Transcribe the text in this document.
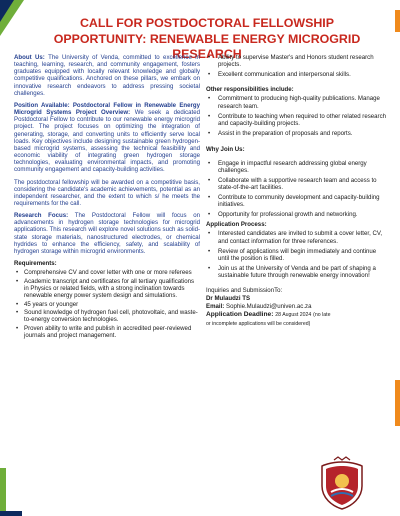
CALL FOR POSTDOCTORAL FELLOWSHIP
OPPORTUNITY: RENEWABLE ENERGY MICROGRID RESEARCH

About Us: The University of Venda, committed to excellence in teaching, learning, research, and community engagement, fosters graduates equipped with locally relevant knowledge and globally competitive qualifications. Anchored on these pillars, we embark on innovative research endeavors to address pressing societal challenges.

Position Available: Postdoctoral Fellow in Renewable Energy Microgrid Systems Project Overview: We seek a dedicated Postdoctoral Fellow to contribute to our renewable energy microgrid project. The project focuses on optimizing the integration of generating, storage, and converting units to efficiently serve local loads. Key objectives include designing sustainable green hydrogen-based microgrid systems, assessing the technical feasibility and economic viability of integrating green hydrogen storage technologies, evaluating environmental impacts, and promoting community engagement and capacity-building activities.

The postdoctoral fellowship will be awarded on a competitive basis, considering the candidate's academic achievements, potential as an independent researcher, and the extent to which s/ he meets the requirements for the call.

Research Focus: The Postdoctoral Fellow will focus on advancements in hydrogen storage technologies for microgrid applications. This research will explore novel solutions such as solid-state storage materials, nanostructured electrodes, or chemical hydrides to enhance the efficiency, safety, and scalability of hydrogen storage within microgrid environments.

Requirements:
• Comprehensive CV and cover letter with one or more referees
• Academic transcript and certificates for all tertiary qualifications in Physics or related fields, with a strong inclination towards renewable energy power system design and simulations.
• 45 years or younger
• Sound knowledge of hydrogen fuel cell, photovoltaic, and waste-to-energy conversion technologies.
• Proven ability to write and publish in accredited peer-reviewed journals and project management.
• Ability to supervise Master's and Honors student research projects.
• Excellent communication and interpersonal skills.
Other responsibilities include:
• Commitment to producing high-quality publications. Manage research team.
• Contribute to teaching when required to other related research and capacity-building projects.
• Assist in the preparation of proposals and reports.
Why Join Us:
• Engage in impactful research addressing global energy challenges.
• Collaborate with a supportive research team and access to state-of-the-art facilities.
• Contribute to community development and capacity-building initiatives.
• Opportunity for professional growth and networking.
Application Process:
• Interested candidates are invited to submit a cover letter, CV, and contact information for three references.
• Review of applications will begin immediately and continue until the position is filled.
• Join us at the University of Venda and be part of shaping a sustainable future through renewable energy innovation!
Inquiries and SubmissionTo:
Dr Mulaudzi TS
Email: Sophie.Mulaudzi@univen.ac.za
Application Deadline: 28 August 2024 (no late
or incomplete applications will be considered)
